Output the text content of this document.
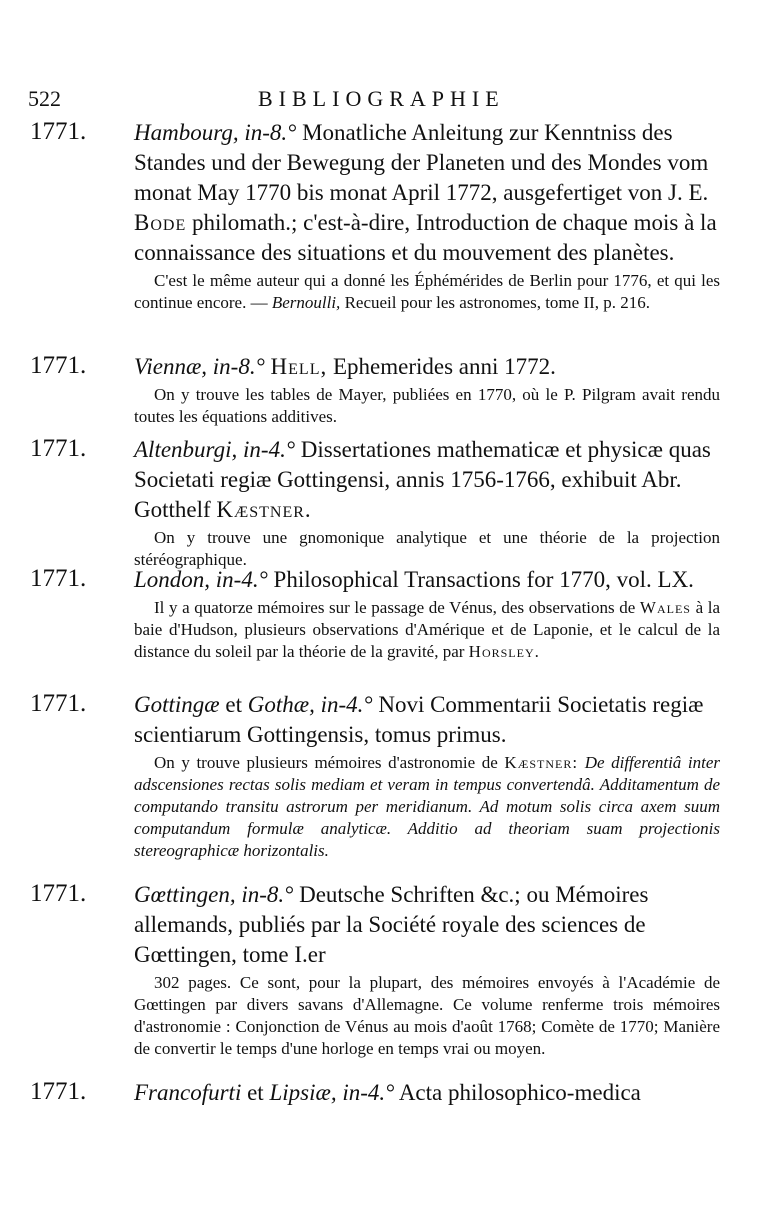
522	BIBLIOGRAPHIE
1771. Hambourg, in-8.° Monatliche Anleitung zur Kenntniss des Standes und der Bewegung der Planeten und des Mondes vom monat May 1770 bis monat April 1772, ausgefertiget von J. E. Bode philomath.; c'est-à-dire, Introduction de chaque mois à la connaissance des situations et du mouvement des planètes.
C'est le même auteur qui a donné les Éphémérides de Berlin pour 1776, et qui les continue encore. — Bernoulli, Recueil pour les astronomes, tome II, p. 216.
1771. Viennæ, in-8.° Hell, Ephemerides anni 1772.
On y trouve les tables de Mayer, publiées en 1770, où le P. Pilgram avait rendu toutes les équations additives.
1771. Altenburgi, in-4.° Dissertationes mathematicæ et physicæ quas Societati regiæ Gottingensi, annis 1756-1766, exhibuit Abr. Gotthelf Kæstner.
On y trouve une gnomonique analytique et une théorie de la projection stéréographique.
1771. London, in-4.° Philosophical Transactions for 1770, vol. LX.
Il y a quatorze mémoires sur le passage de Vénus, des observations de Wales à la baie d'Hudson, plusieurs observations d'Amérique et de Laponie, et le calcul de la distance du soleil par la théorie de la gravité, par Horsley.
1771. Gottingæ et Gothæ, in-4.° Novi Commentarii Societatis regiæ scientiarum Gottingensis, tomus primus.
On y trouve plusieurs mémoires d'astronomie de Kæstner: De differentiâ inter adscensiones rectas solis mediam et veram in tempus convertendâ. Additamentum de computando transitu astrorum per meridianum. Ad motum solis circa axem suum computandum formulæ analyticæ. Additio ad theoriam suam projectionis stereographicæ horizontalis.
1771. Gœttingen, in-8.° Deutsche Schriften &c.; ou Mémoires allemands, publiés par la Société royale des sciences de Gœttingen, tome I.er
302 pages. Ce sont, pour la plupart, des mémoires envoyés à l'Académie de Gœttingen par divers savans d'Allemagne. Ce volume renferme trois mémoires d'astronomie : Conjonction de Vénus au mois d'août 1768; Comète de 1770; Manière de convertir le temps d'une horloge en temps vrai ou moyen.
1771. Francofurti et Lipsiæ, in-4.° Acta philosophico-medica
